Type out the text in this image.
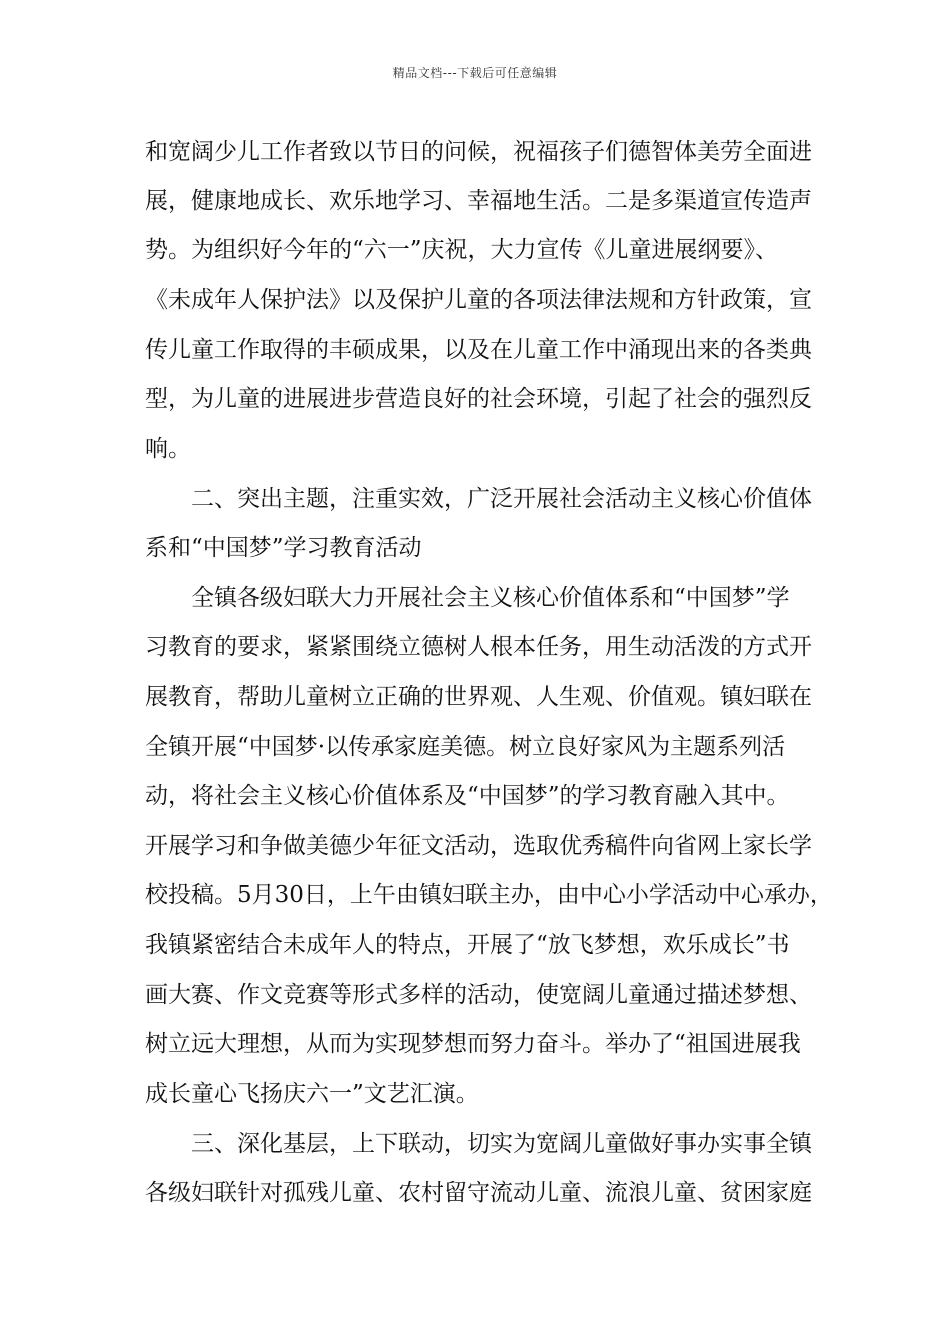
精品文档---下载后可任意编辑
和宽阔少儿工作者致以节日的问候，祝福孩子们德智体美劳全面进
展，健康地成长、欢乐地学习、幸福地生活。二是多渠道宣传造声
势。为组织好今年的“六一”庆祝，大力宣传《儿童进展纲要》、
《未成年人保护法》以及保护儿童的各项法律法规和方针政策，宣
传儿童工作取得的丰硕成果，以及在儿童工作中涌现出来的各类典
型，为儿童的进展进步营造良好的社会环境，引起了社会的强烈反
响。
二、突出主题，注重实效，广泛开展社会活动主义核心价值体
系和“中国梦”学习教育活动
全镇各级妇联大力开展社会主义核心价值体系和“中国梦”学
习教育的要求，紧紧围绕立德树人根本任务，用生动活泼的方式开
展教育，帮助儿童树立正确的世界观、人生观、价值观。镇妇联在
全镇开展“中国梦·以传承家庭美德。树立良好家风为主题系列活
动，将社会主义核心价值体系及“中国梦”的学习教育融入其中。
开展学习和争做美德少年征文活动，选取优秀稿件向省网上家长学
校投稿。5月30日，上午由镇妇联主办，由中心小学活动中心承办，
我镇紧密结合未成年人的特点，开展了“放飞梦想，欢乐成长”书
画大赛、作文竞赛等形式多样的活动，使宽阔儿童通过描述梦想、
树立远大理想，从而为实现梦想而努力奋斗。举办了“祖国进展我
成长童心飞扬庆六一”文艺汇演。
三、深化基层，上下联动，切实为宽阔儿童做好事办实事全镇
各级妇联针对孤残儿童、农村留守流动儿童、流浪儿童、贫困家庭
